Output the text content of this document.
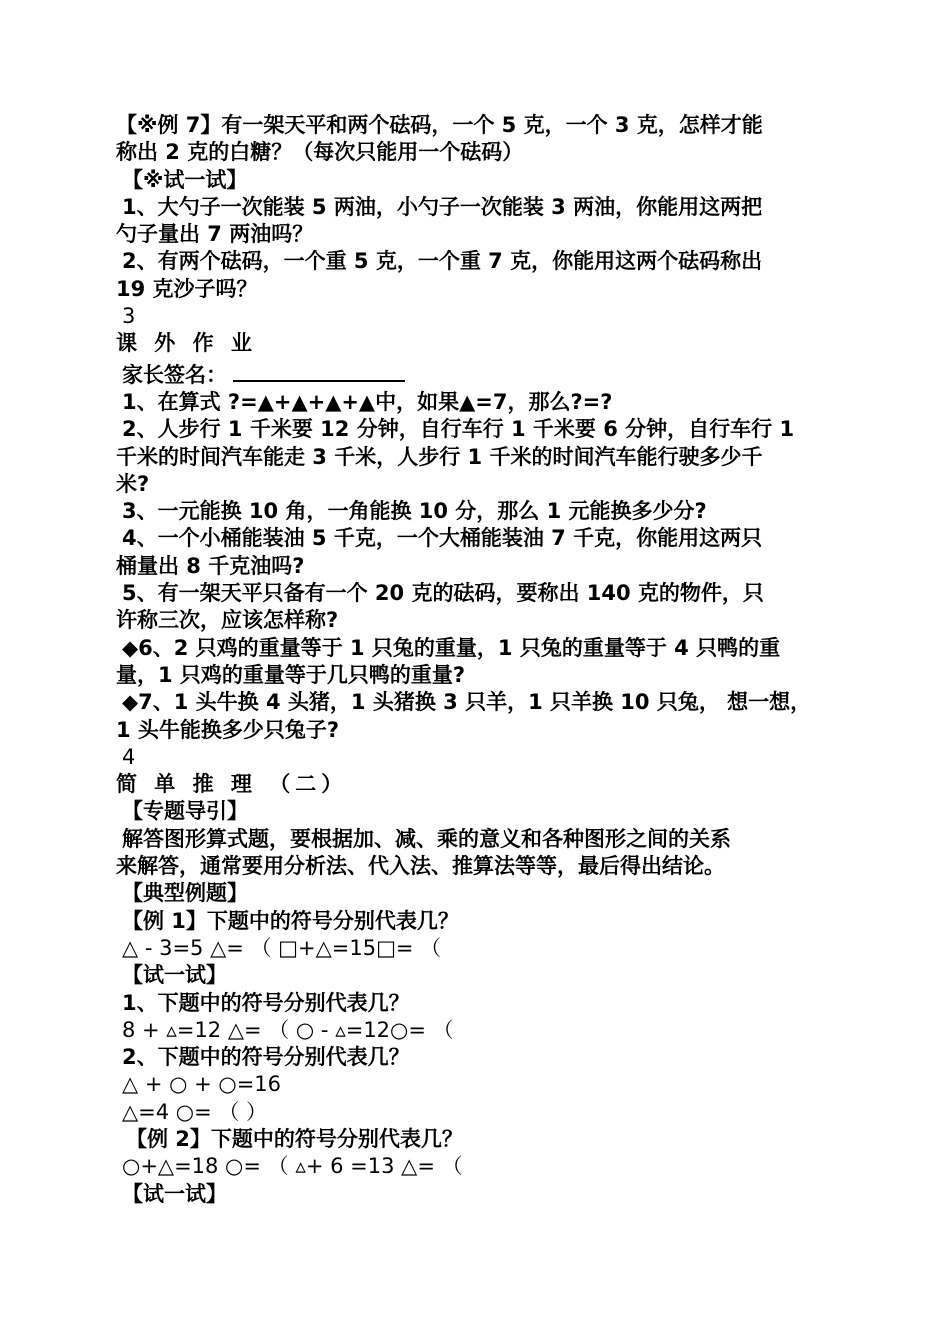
【※例 7】有一架天平和两个砝码，一个 5 克，一个 3 克，怎样才能
称出 2 克的白糖？（每次只能用一个砝码）
【※试一试】
1、大勺子一次能装 5 两油，小勺子一次能装 3 两油，你能用这两把
勺子量出 7 两油吗？
2、有两个砝码，一个重 5 克，一个重 7 克，你能用这两个砝码称出
19 克沙子吗？
3
课 外 作 业
家长签名：
1、在算式 ?=▲+▲+▲+▲中，如果▲=7，那么?=?
2、人步行 1 千米要 12 分钟，自行车行 1 千米要 6 分钟，自行车行 1
千米的时间汽车能走 3 千米，人步行 1 千米的时间汽车能行驶多少千
米?
3、一元能换 10 角，一角能换 10 分，那么 1 元能换多少分?
4、一个小桶能装油 5 千克，一个大桶能装油 7 千克，你能用这两只
桶量出 8 千克油吗?
5、有一架天平只备有一个 20 克的砝码，要称出 140 克的物件，只
许称三次，应该怎样称?
◆6、2 只鸡的重量等于 1 只兔的重量，1 只兔的重量等于 4 只鸭的重
量，1 只鸡的重量等于几只鸭的重量?
◆7、1 头牛换 4 头猪，1 头猪换 3 只羊，1 只羊换 10 只兔， 想一想，
1 头牛能换多少只兔子?
4
简 单 推 理 （二）
【专题导引】
解答图形算式题，要根据加、减、乘的意义和各种图形之间的关系
来解答，通常要用分析法、代入法、推算法等等，最后得出结论。
【典型例题】
【例 1】下题中的符号分别代表几？
△ - 3=5 △= （ □+△=15□= （
【试一试】
1、下题中的符号分别代表几？
8 + ▵=12 △= （ ○ - ▵=12○= （
2、下题中的符号分别代表几？
△ + ○ + ○=16
△=4 ○= （ ）
【例 2】下题中的符号分别代表几？
○+△=18 ○= （ ▵+ 6 =13 △= （
【试一试】
